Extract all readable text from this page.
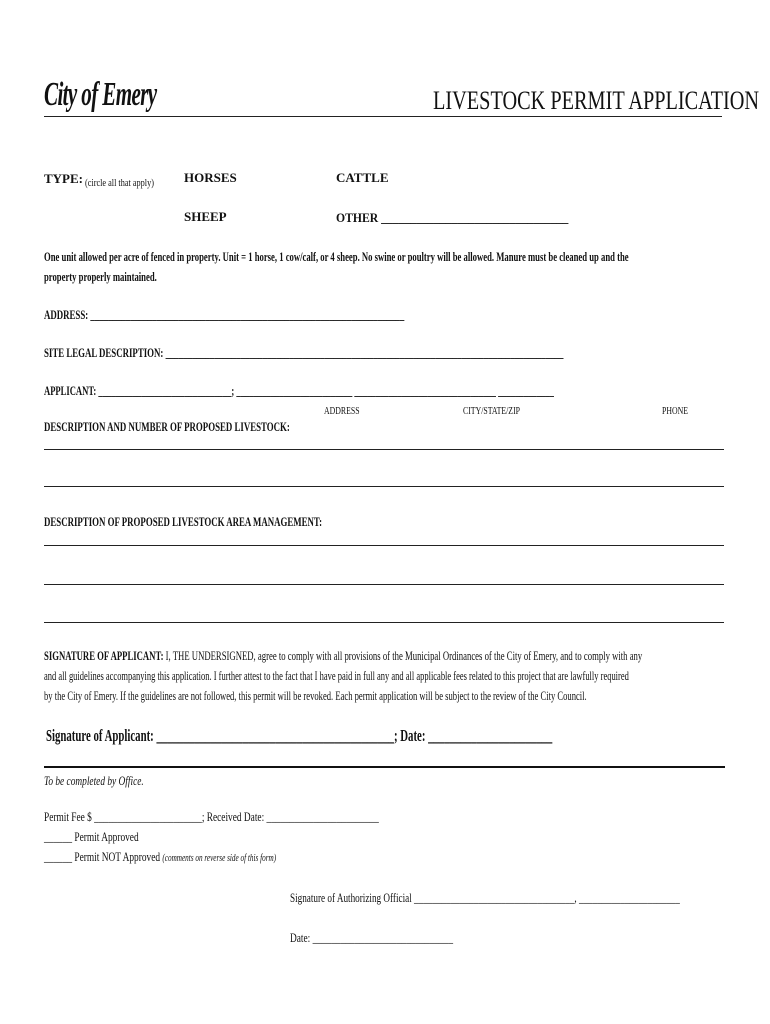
City of Emery	LIVESTOCK PERMIT APPLICATION
TYPE: (circle all that apply)	HORSES	CATTLE
SHEEP	OTHER ________________________________
One unit allowed per acre of fenced in property. Unit = 1 horse, 1 cow/calf, or 4 sheep. No swine or poultry will be allowed. Manure must be cleaned up and the
property properly maintained.
ADDRESS: _______________________________________________________________________
SITE LEGAL DESCRIPTION: __________________________________________________________________________________________
APPLICANT: _______________________________; ___________________________ _________________________________ _____________
ADDRESS	CITY/STATE/ZIP	PHONE
DESCRIPTION AND NUMBER OF PROPOSED LIVESTOCK:
DESCRIPTION OF PROPOSED LIVESTOCK AREA MANAGEMENT:
SIGNATURE OF APPLICANT: I, THE UNDERSIGNED, agree to comply with all provisions of the Municipal Ordinances of the City of Emery, and to comply with any
and all guidelines accompanying this application. I further attest to the fact that I have paid in full any and all applicable fees related to this project that are lawfully required
by the City of Emery. If the guidelines are not followed, this permit will be revoked. Each permit application will be subject to the review of the City Council.
Signature of Applicant: ____________________________________________; Date: _______________________
To be completed by Office.
Permit Fee $ _______________________; Received Date: ________________________
______ Permit Approved
______ Permit NOT Approved (comments on reverse side of this form)
Signature of Authorizing Official ___________________________________, ______________________
Date: ______________________________
